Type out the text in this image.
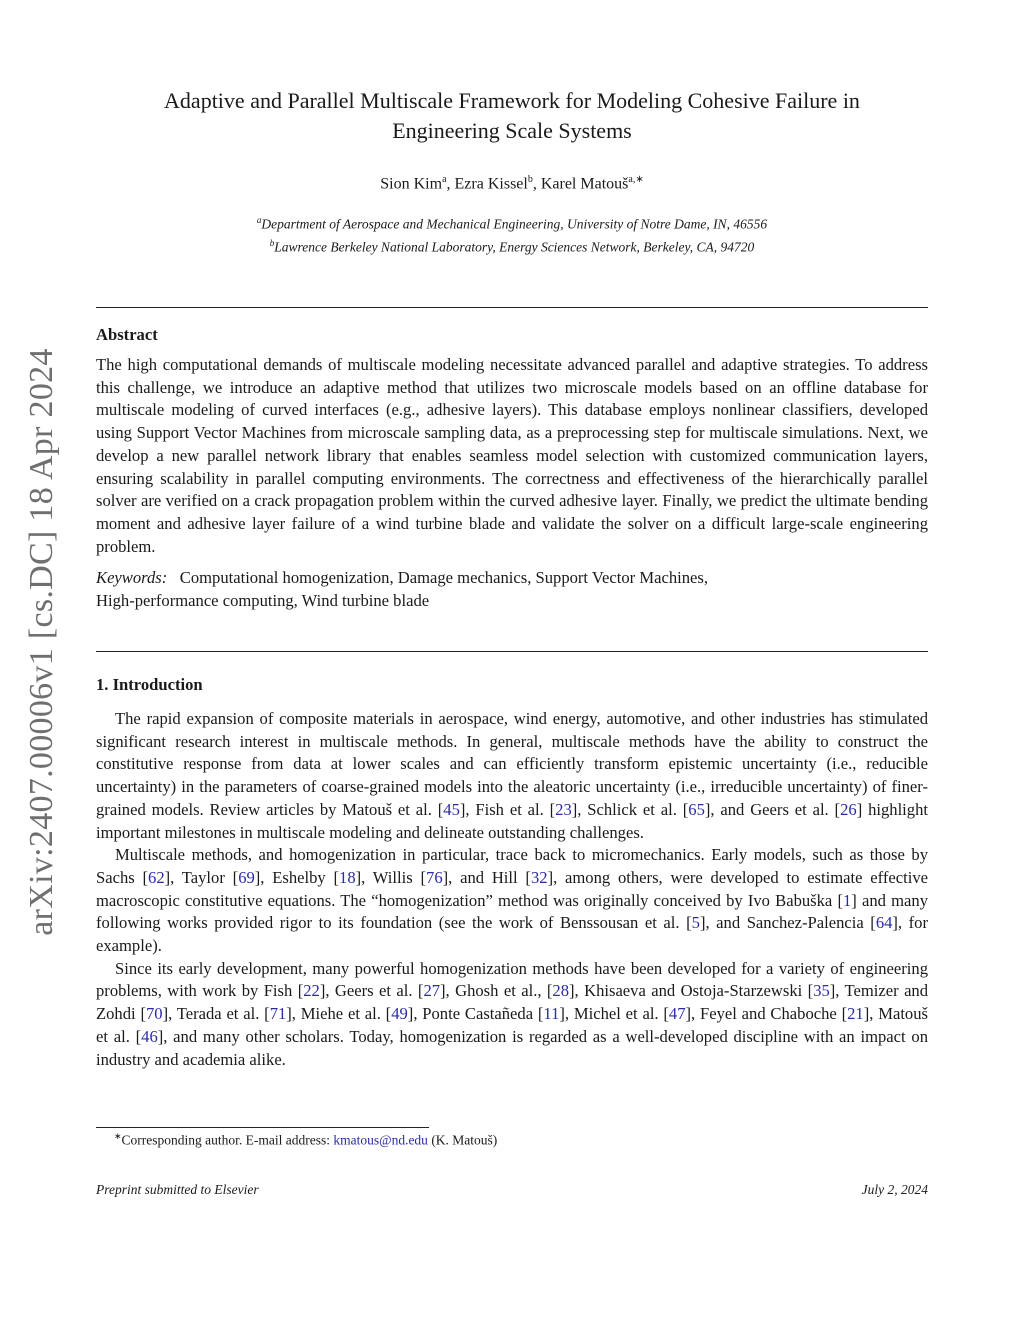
arXiv:2407.00006v1 [cs.DC] 18 Apr 2024
Adaptive and Parallel Multiscale Framework for Modeling Cohesive Failure in
Engineering Scale Systems
Sion Kim$^a$, Ezra Kissel$^b$, Karel Matouš$^{a,∗}$
$^a$Department of Aerospace and Mechanical Engineering, University of Notre Dame, IN, 46556
$^b$Lawrence Berkeley National Laboratory, Energy Sciences Network, Berkeley, CA, 94720
Abstract

The high computational demands of multiscale modeling necessitate advanced parallel and adaptive strategies. To address this challenge, we introduce an adaptive method that utilizes two microscale models based on an offline database for multiscale modeling of curved interfaces (e.g., adhesive layers). This database employs nonlinear classifiers, developed using Support Vector Machines from microscale sampling data, as a preprocessing step for multiscale simulations. Next, we develop a new parallel network library that enables seamless model selection with customized communication layers, ensuring scalability in parallel computing environments. The correctness and effectiveness of the hierarchically parallel solver are verified on a crack propagation problem within the curved adhesive layer. Finally, we predict the ultimate bending moment and adhesive layer failure of a wind turbine blade and validate the solver on a difficult large-scale engineering problem.

Keywords: Computational homogenization, Damage mechanics, Support Vector Machines,
High-performance computing, Wind turbine blade

1. Introduction

The rapid expansion of composite materials in aerospace, wind energy, automotive, and other industries has stimulated significant research interest in multiscale methods. In general, multiscale methods have the ability to construct the constitutive response from data at lower scales and can efficiently transform epistemic uncertainty (i.e., reducible uncertainty) in the parameters of coarse-grained models into the aleatoric uncertainty (i.e., irreducible uncertainty) of finer-grained models. Review articles by Matouš et al. [45], Fish et al. [23], Schlick et al. [65], and Geers et al. [26] highlight important milestones in multiscale modeling and delineate outstanding challenges.

Multiscale methods, and homogenization in particular, trace back to micromechanics. Early models, such as those by Sachs [62], Taylor [69], Eshelby [18], Willis [76], and Hill [32], among others, were developed to estimate effective macroscopic constitutive equations. The “homogenization” method was originally conceived by Ivo Babuška [1] and many following works provided rigor to its foundation (see the work of Benssousan et al. [5], and Sanchez-Palencia [64], for example).

Since its early development, many powerful homogenization methods have been developed for a variety of engineering problems, with work by Fish [22], Geers et al. [27], Ghosh et al., [28], Khisaeva and Ostoja-Starzewski [35], Temizer and Zohdi [70], Terada et al. [71], Miehe et al. [49], Ponte Castañeda [11], Michel et al. [47], Feyel and Chaboche [21], Matouš et al. [46], and many other scholars. Today, homogenization is regarded as a well-developed discipline with an impact on industry and academia alike.

∗Corresponding author. E-mail address: kmatous@nd.edu (K. Matouš)
Preprint submitted to Elsevier	July 2, 2024
